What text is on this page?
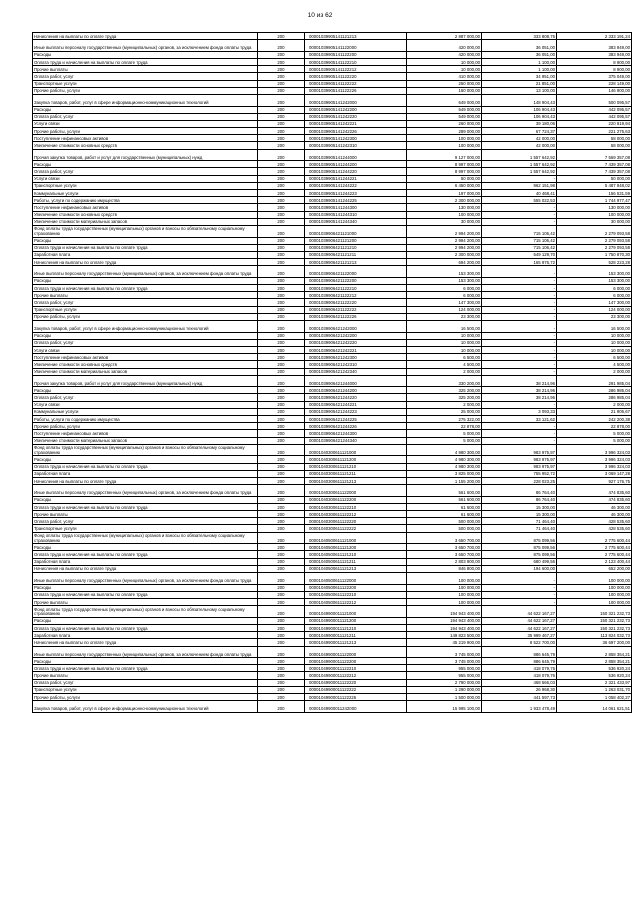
10 из 62
Начисления на выплаты по оплате труда	200	00001039905141121213	2 887 000,00	333 808,76	2 333 191,24
Иные выплаты персоналу государственных (муниципальных) органов, за исключением фонда оплаты труда	200	00001039905141122000	420 000,00	36 051,00	383 949,00
Расходы	200	00001039905141122200	420 000,00	36 051,00	383 949,00
Оплата труда и начисления на выплаты по оплате труда	200	00001039905141122210	10 000,00	1 100,00	8 900,00
Прочие выплаты	200	00001039905141122212	10 000,00	1 100,00	8 900,00
Оплата работ, услуг	200	00001039905141122220	410 000,00	34 951,00	375 049,00
Транспортные услуги	200	00001039905141122222	250 000,00	21 851,00	228 149,00
Прочие работы, услуги	200	00001039905141122226	160 000,00	13 100,00	146 900,00
Закупка товаров, работ, услуг в сфере информационно-коммуникационных технологий	200	00001039905141242000	649 000,00	148 904,43	500 095,57
Расходы	200	00001039905141242200	549 000,00	106 904,43	442 095,57
Оплата работ, услуг	200	00001039905141242220	549 000,00	106 904,43	442 095,57
Услуги связи	200	00001039905141242221	260 000,00	39 180,06	220 819,94
Прочие работы, услуги	200	00001039905141242226	289 000,00	67 724,37	221 275,63
Поступление нефинансовых активов	200	00001039905141242300	100 000,00	42 000,00	58 000,00
Увеличение стоимости основных средств	200	00001039905141242310	100 000,00	42 000,00	58 000,00
Прочая закупка товаров, работ и услуг для государственных (муниципальных) нужд	200	00001039905141244000	9 127 000,00	1 557 642,92	7 569 357,08
Расходы	200	00001039905141244200	8 997 000,00	1 557 642,92	7 439 357,08
Оплата работ, услуг	200	00001039905141244220	8 997 000,00	1 557 642,92	7 439 357,08
Услуги связи	200	00001039905141244221	50 000,00	-	50 000,00
Транспортные услуги	200	00001039905141244222	6 450 000,00	962 151,98	5 487 848,02
Коммунальные услуги	200	00001039905141244223	197 000,00	40 468,41	156 531,59
Работы, услуги по содержанию имущества	200	00001039905141244225	2 300 000,00	555 022,53	1 744 977,47
Поступление нефинансовых активов	200	00001039905141244300	130 000,00	-	130 000,00
Увеличение стоимости основных средств	200	00001039905141244310	100 000,00	-	100 000,00
Увеличение стоимости материальных запасов	200	00001039905141244340	30 000,00	-	30 000,00
Фонд оплаты труда государственных (муниципальных) органов и взносы по обязательному социальному страхованию	200	00001039906421121000	2 994 200,00	715 106,42	2 279 093,58
Расходы	200	00001039906421121200	2 994 200,00	715 106,42	2 279 093,58
Оплата труда и начисления на выплаты по оплате труда	200	00001039906421121210	2 994 200,00	715 106,42	2 279 093,58
Заработная плата	200	00001039906421121211	2 300 000,00	549 129,70	1 750 870,30
Начисления на выплаты по оплате труда	200	00001039906421121213	694 200,00	165 976,72	528 223,28
Иные выплаты персоналу государственных (муниципальных) органов, за исключением фонда оплаты труда	200	00001039906421122000	153 300,00	-	153 300,00
Расходы	200	00001039906421122200	153 300,00	-	153 300,00
Оплата труда и начисления на выплаты по оплате труда	200	00001039906421122210	6 000,00	-	6 000,00
Прочие выплаты	200	00001039906421122212	6 000,00	-	6 000,00
Оплата работ, услуг	200	00001039906421122220	147 300,00	-	147 300,00
Транспортные услуги	200	00001039906421122222	124 000,00	-	124 000,00
Прочие работы, услуги	200	00001039906421122226	23 300,00	-	23 300,00
Закупка товаров, работ, услуг в сфере информационно-коммуникационных технологий	200	00001039906421242000	16 500,00	-	16 500,00
Расходы	200	00001039906421242200	10 000,00	-	10 000,00
Оплата работ, услуг	200	00001039906421242220	10 000,00	-	10 000,00
Услуги связи	200	00001039906421242221	10 000,00	-	10 000,00
Поступление нефинансовых активов	200	00001039906421242300	6 500,00	-	6 500,00
Увеличение стоимости основных средств	200	00001039906421242310	4 500,00	-	4 500,00
Увеличение стоимости материальных запасов	200	00001039906421242340	2 000,00	-	2 000,00
Прочая закупка товаров, работ и услуг для государственных (муниципальных) нужд	200	00001039906421244000	330 200,00	38 214,96	291 985,04
Расходы	200	00001039906421244200	325 200,00	38 214,96	286 985,04
Оплата работ, услуг	200	00001039906421244220	325 200,00	38 214,96	286 985,04
Услуги связи	200	00001039906421244221	2 000,00	-	2 000,00
Коммунальные услуги	200	00001039906421244223	25 000,00	3 093,33	21 906,67
Работы, услуги по содержанию имущества	200	00001039906421244225	275 322,00	33 121,62	242 200,38
Прочие работы, услуги	200	00001039906421244226	22 878,00	-	22 878,00
Поступление нефинансовых активов	200	00001039906421244300	5 000,00	-	5 000,00
Увеличение стоимости материальных запасов	200	00001039906421244340	5 000,00	-	5 000,00
Фонд оплаты труда государственных (муниципальных) органов и взносы по обязательному социальному страхованию	200	00001040300611121000	4 980 300,00	983 975,97	3 996 324,03
Расходы	200	00001040300611121200	4 980 300,00	983 975,97	3 996 324,03
Оплата труда и начисления на выплаты по оплате труда	200	00001040300611121210	4 980 300,00	983 975,97	3 996 324,03
Заработная плата	200	00001040300611121211	3 825 000,00	755 952,72	3 069 147,28
Начисления на выплаты по оплате труда	200	00001040300611121213	1 155 200,00	228 023,25	927 176,75
Иные выплаты персоналу государственных (муниципальных) органов, за исключением фонда оплаты труда	200	00001040300611122000	561 600,00	86 764,40	474 835,60
Расходы	200	00001040300611122200	561 600,00	86 764,40	474 835,60
Оплата труда и начисления на выплаты по оплате труда	200	00001040300611122210	61 600,00	15 300,00	46 300,00
Прочие выплаты	200	00001040300611122212	61 600,00	15 300,00	46 300,00
Оплата работ, услуг	200	00001040300611122220	500 000,00	71 464,40	428 535,60
Транспортные услуги	200	00001040300611122222	500 000,00	71 464,40	428 535,60
Фонд оплаты труда государственных (муниципальных) органов и взносы по обязательному социальному страхованию	200	00001040500611121000	3 650 700,00	875 099,56	2 775 600,44
Расходы	200	00001040500611121200	3 650 700,00	875 099,56	2 775 600,44
Оплата труда и начисления на выплаты по оплате труда	200	00001040500611121210	3 650 700,00	875 099,56	2 775 600,44
Заработная плата	200	00001040500611121211	2 803 900,00	680 499,56	2 123 400,44
Начисления на выплаты по оплате труда	200	00001040500611121213	846 800,00	194 600,00	652 200,00
Иные выплаты персоналу государственных (муниципальных) органов, за исключением фонда оплаты труда	200	00001040500611122000	100 000,00	-	100 000,00
Расходы	200	00001040500611122200	100 000,00	-	100 000,00
Оплата труда и начисления на выплаты по оплате труда	200	00001040500611122210	100 000,00	-	100 000,00
Прочие выплаты	200	00001040500611122212	100 000,00	-	100 000,00
Фонд оплаты труда государственных (муниципальных) органов и взносы по обязательному социальному страхованию	200	00001049900011121000	194 943 400,00	44 622 167,27	150 321 232,73
Расходы	200	00001049900011121200	194 943 400,00	44 622 167,27	150 321 232,73
Оплата труда и начисления на выплаты по оплате труда	200	00001049900011121210	194 943 400,00	44 622 167,27	150 321 232,73
Заработная плата	200	00001049900011121211	149 823 500,00	35 999 467,27	113 824 032,73
Начисления на выплаты по оплате труда	200	00001049900011121213	45 219 900,00	8 522 700,00	36 697 200,00
Иные выплаты персоналу государственных (муниципальных) органов, за исключением фонда оплаты труда	200	00001049900011122000	3 745 000,00	886 645,79	2 858 354,21
Расходы	200	00001049900011122200	3 745 000,00	886 645,79	2 858 354,21
Оплата труда и начисления на выплаты по оплате труда	200	00001049900011122210	955 000,00	418 079,76	536 920,24
Прочие выплаты	200	00001049900011122212	955 000,00	418 079,76	536 920,24
Оплата работ, услуг	200	00001049900011122220	2 790 000,00	468 566,03	2 321 433,97
Транспортные услуги	200	00001049900011122222	1 290 000,00	26 968,30	1 263 031,70
Прочие работы, услуги	200	00001049900011122226	1 500 000,00	441 597,73	1 058 402,27
Закупка товаров, работ, услуг в сфере информационно-коммуникационных технологий	200	00001049900011242000	15 995 100,00	1 933 478,49	14 061 621,51
